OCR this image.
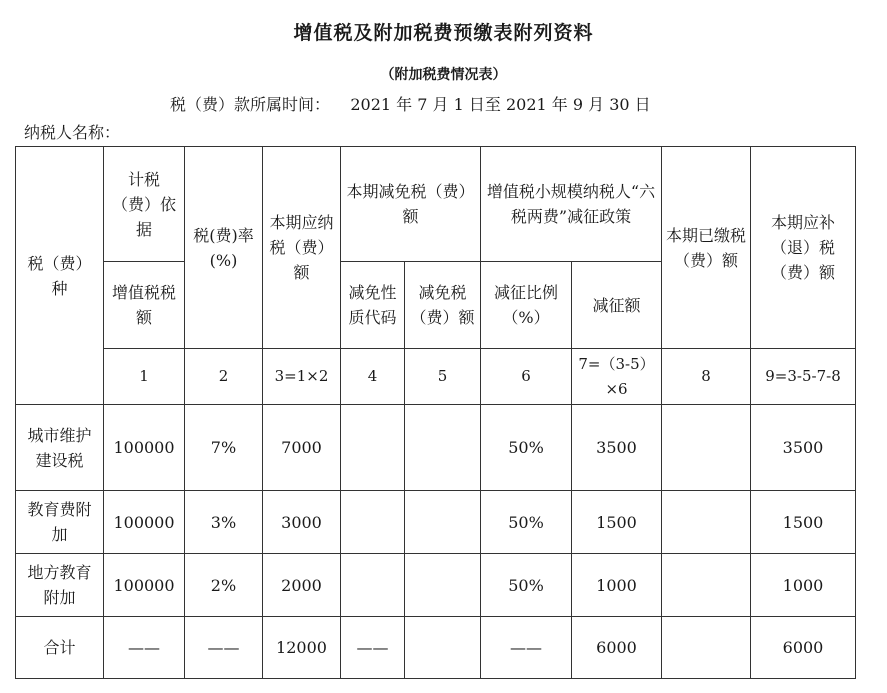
增值税及附加税费预缴表附列资料
（附加税费情况表）
税（费）款所属时间： 2021 年 7 月 1 日至 2021 年 9 月 30 日
纳税人名称：
税（费）种	计税（费）依据	税(费)率(%)	本期应纳税（费）额	本期减免税（费）额		增值税小规模纳税人“六税两费”减征政策		本期已缴税（费）额	本期应补（退）税（费）额
	增值税税额			减免性质代码	减免税（费）额	减征比例（%）	减征额		
	1	2	3=1×2	4	5	6	7=（3-5）×6	8	9=3-5-7-8
城市维护建设税	100000	7%	7000			50%	3500		3500
教育费附加	100000	3%	3000			50%	1500		1500
地方教育附加	100000	2%	2000			50%	1000		1000
合计	——	——	12000	——		——	6000		6000
